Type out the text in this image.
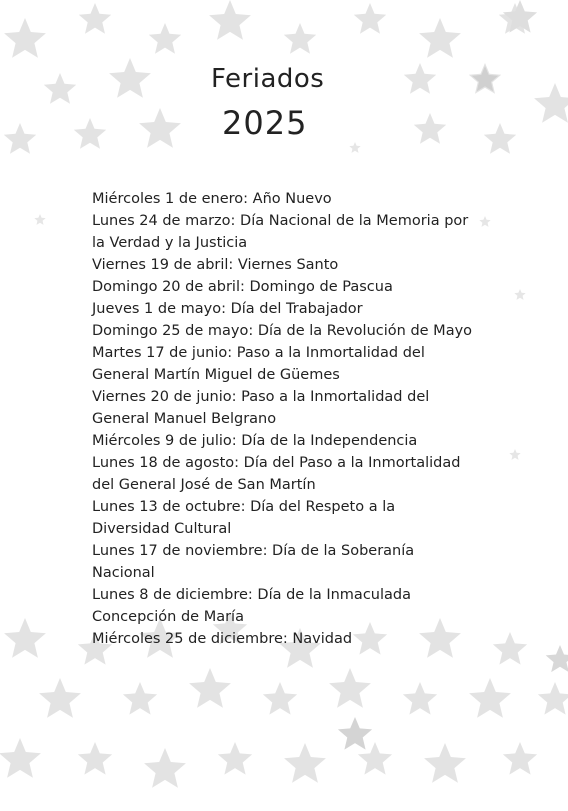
Feriados
2025
Miércoles 1 de enero: Año Nuevo
Lunes 24 de marzo: Día Nacional de la Memoria por la Verdad y la Justicia
Viernes 19 de abril: Viernes Santo
Domingo 20 de abril: Domingo de Pascua
Jueves 1 de mayo: Día del Trabajador
Domingo 25 de mayo: Día de la Revolución de Mayo
Martes 17 de junio: Paso a la Inmortalidad del General Martín Miguel de Güemes
Viernes 20 de junio: Paso a la Inmortalidad del General Manuel Belgrano
Miércoles 9 de julio: Día de la Independencia
Lunes 18 de agosto: Día del Paso a la Inmortalidad del General José de San Martín
Lunes 13 de octubre: Día del Respeto a la Diversidad Cultural
Lunes 17 de noviembre: Día de la Soberanía Nacional
Lunes 8 de diciembre: Día de la Inmaculada Concepción de María
Miércoles 25 de diciembre: Navidad
